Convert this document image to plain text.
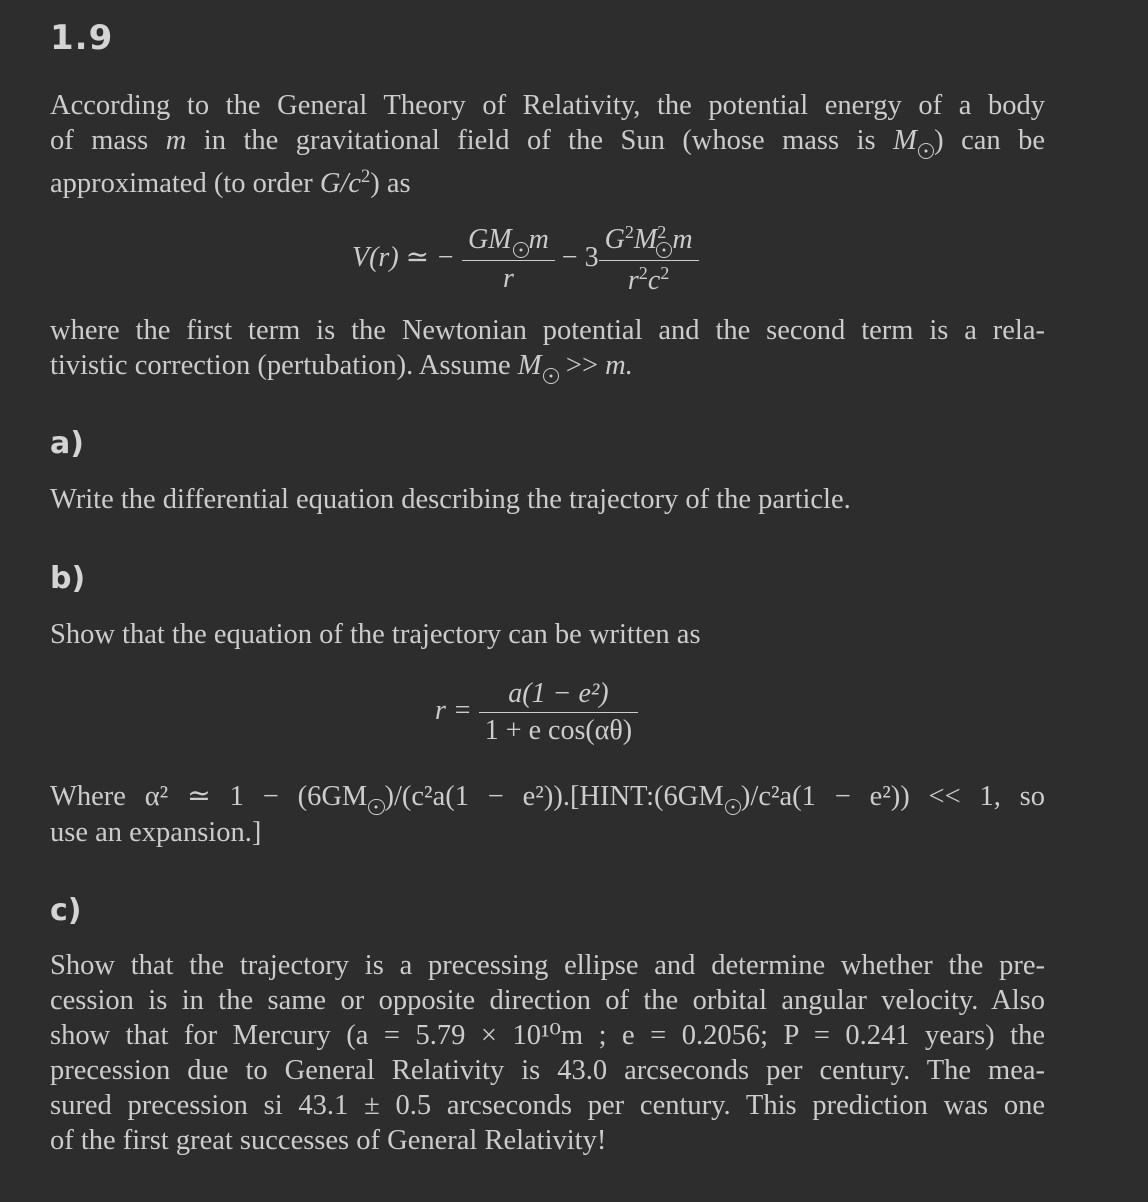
1.9
According to the General Theory of Relativity, the potential energy of a body
of mass m in the gravitational field of the Sun (whose mass is M ) can be
approximated (to order $G/c^2$) as
V(r) ≃ − $\frac{\text{GM m}}{r} - 3 \frac{G^2M^2 m}{r^2c^2}$
where the first term is the Newtonian potential and the second term is a rela-
tivistic correction (pertubation). Assume M >> m.
a)
Write the differential equation describing the trajectory of the particle.
b)
Show that the equation of the trajectory can be written as
$r = \frac{\text{a(1 − e²)}}{\text{1 + e cos(αθ)}}$
Where α² ≃ 1 − (6GM )/(c²a(1 − e²)).[HINT:(6GM )/c²a(1 − e²)) << 1, so
use an expansion.]
c)
Show that the trajectory is a precessing ellipse and determine whether the pre-
cession is in the same or opposite direction of the orbital angular velocity. Also
show that for Mercury (a = 5.79 × 10¹⁰m ; e = 0.2056; P = 0.241 years) the
precession due to General Relativity is 43.0 arcseconds per century. The mea-
sured precession si 43.1 ± 0.5 arcseconds per century. This prediction was one
of the first great successes of General Relativity!
